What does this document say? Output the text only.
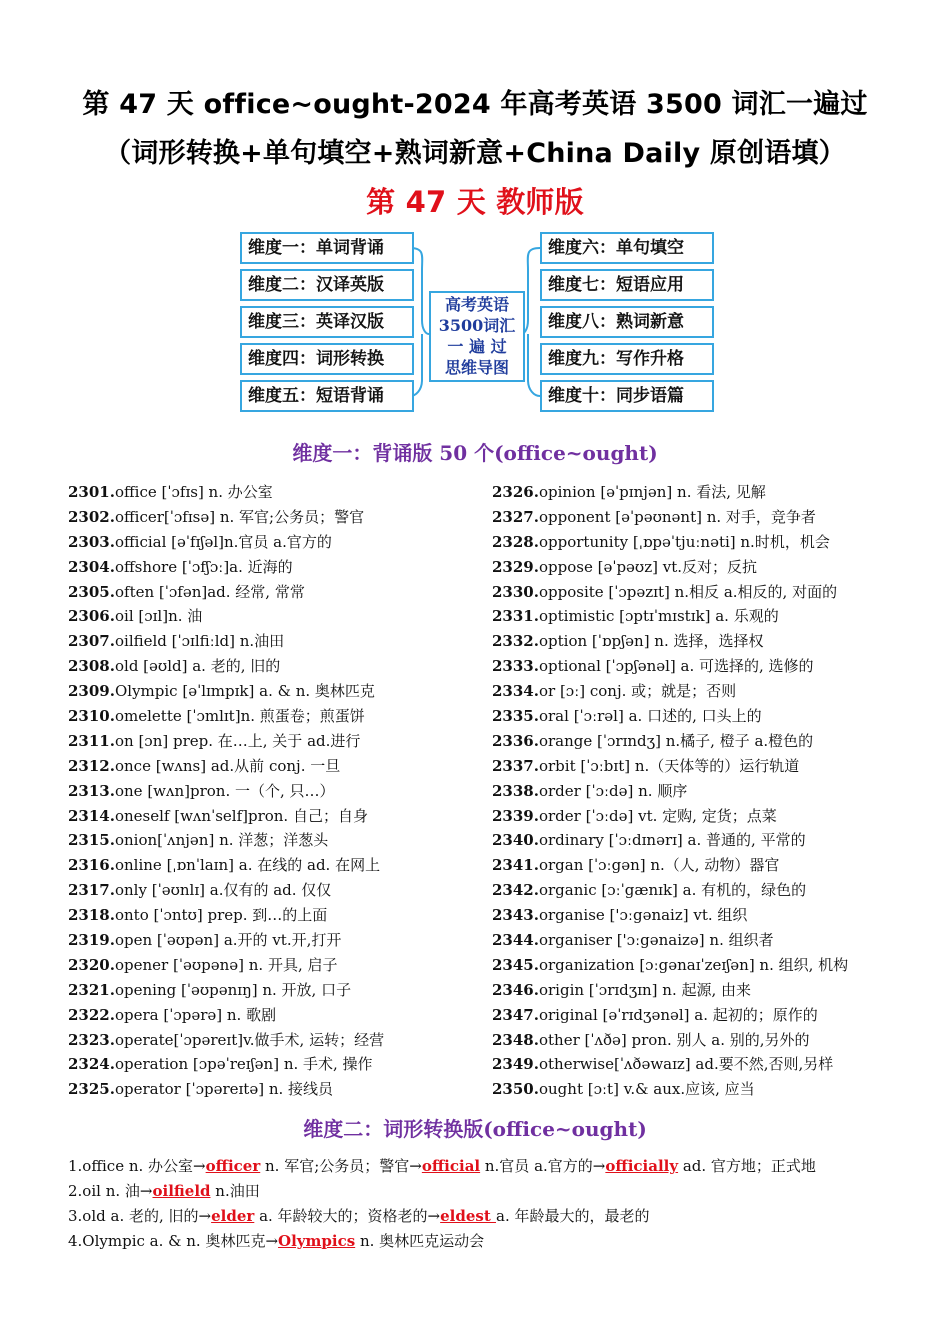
第 47 天 office~ought-2024 年高考英语 3500 词汇一遍过
（词形转换+单句填空+熟词新意+China Daily 原创语填）
第 47 天 教师版
维度一：单词背诵
维度二：汉译英版
维度三：英译汉版
维度四：词形转换
维度五：短语背诵
维度六：单句填空
维度七：短语应用
维度八：熟词新意
维度九：写作升格
维度十：同步语篇
高考英语
3500词汇
一 遍 过
思维导图
维度一：背诵版 50 个(office~ought)
2301.office [ˈɔfɪs] n. 办公室
2302.officer[ˈɔfɪsə] n. 军官;公务员；警官
2303.official [əˈfɪʃəl]n.官员 a.官方的
2304.offshore [ˈɔfʃɔː]a. 近海的
2305.often [ˈɔfən]ad. 经常, 常常
2306.oil [ɔɪl]n. 油
2307.oilfield [ˈɔɪlfiːld] n.油田
2308.old [əʊld] a. 老的, 旧的
2309.Olympic [əˈlɪmpɪk] a. & n. 奥林匹克
2310.omelette [ˈɔmlɪt]n. 煎蛋卷；煎蛋饼
2311.on [ɔn] prep. 在…上, 关于 ad.进行
2312.once [wʌns] ad.从前 conj. 一旦
2313.one [wʌn]pron. 一（个, 只…）
2314.oneself [wʌnˈself]pron. 自己；自身
2315.onion[ˈʌnjən] n. 洋葱；洋葱头
2316.online [ˌɒnˈlaɪn] a. 在线的 ad. 在网上
2317.only [ˈəʊnlɪ] a.仅有的 ad. 仅仅
2318.onto [ˈɔntʊ] prep. 到…的上面
2319.open [ˈəʊpən] a.开的 vt.开,打开
2320.opener [ˈəʊpənə] n. 开具, 启子
2321.opening [ˈəʊpənɪŋ] n. 开放, 口子
2322.opera [ˈɔpərə] n. 歌剧
2323.operate[ˈɔpəreɪt]v.做手术, 运转；经营
2324.operation [ɔpəˈreɪʃən] n. 手术, 操作
2325.operator [ˈɔpəreɪtə] n. 接线员
2326.opinion [əˈpɪnjən] n. 看法, 见解
2327.opponent [əˈpəʊnənt] n. 对手，竞争者
2328.opportunity [ˌɒpəˈtjuːnəti] n.时机，机会
2329.oppose [əˈpəʊz] vt.反对；反抗
2330.opposite [ˈɔpəzɪt] n.相反 a.相反的, 对面的
2331.optimistic [ɔptɪˈmɪstɪk] a. 乐观的
2332.option [ˈɒpʃən] n. 选择，选择权
2333.optional [ˈɔpʃənəl] a. 可选择的, 选修的
2334.or [ɔː] conj. 或；就是；否则
2335.oral [ˈɔːrəl] a. 口述的, 口头上的
2336.orange [ˈɔrɪndʒ] n.橘子, 橙子 a.橙色的
2337.orbit [ˈɔːbɪt] n.（天体等的）运行轨道
2338.order [ˈɔːdə] n. 顺序
2339.order [ˈɔːdə] vt. 定购, 定货；点菜
2340.ordinary [ˈɔːdɪnərɪ] a. 普通的, 平常的
2341.organ [ˈɔːgən] n.（人, 动物）器官
2342.organic [ɔːˈgænɪk] a. 有机的，绿色的
2343.organise ['ɔːgənaiz] vt. 组织
2344.organiser ['ɔːgənaizə] n. 组织者
2345.organization [ɔːgənaɪˈzeɪʃən] n. 组织, 机构
2346.origin [ˈɔrɪdʒɪn] n. 起源, 由来
2347.original [əˈrɪdʒənəl] a. 起初的；原作的
2348.other [ˈʌðə] pron. 别人 a. 别的,另外的
2349.otherwise[ˈʌðəwaɪz] ad.要不然,否则,另样
2350.ought [ɔːt] v.& aux.应该, 应当
维度二：词形转换版(office~ought)
1.office n. 办公室→officer n. 军官;公务员；警官→official n.官员 a.官方的→officially ad. 官方地；正式地
2.oil n. 油→oilfield n.油田
3.old a. 老的, 旧的→elder a. 年龄较大的；资格老的→eldest a. 年龄最大的，最老的
4.Olympic a. & n. 奥林匹克→Olympics n. 奥林匹克运动会
